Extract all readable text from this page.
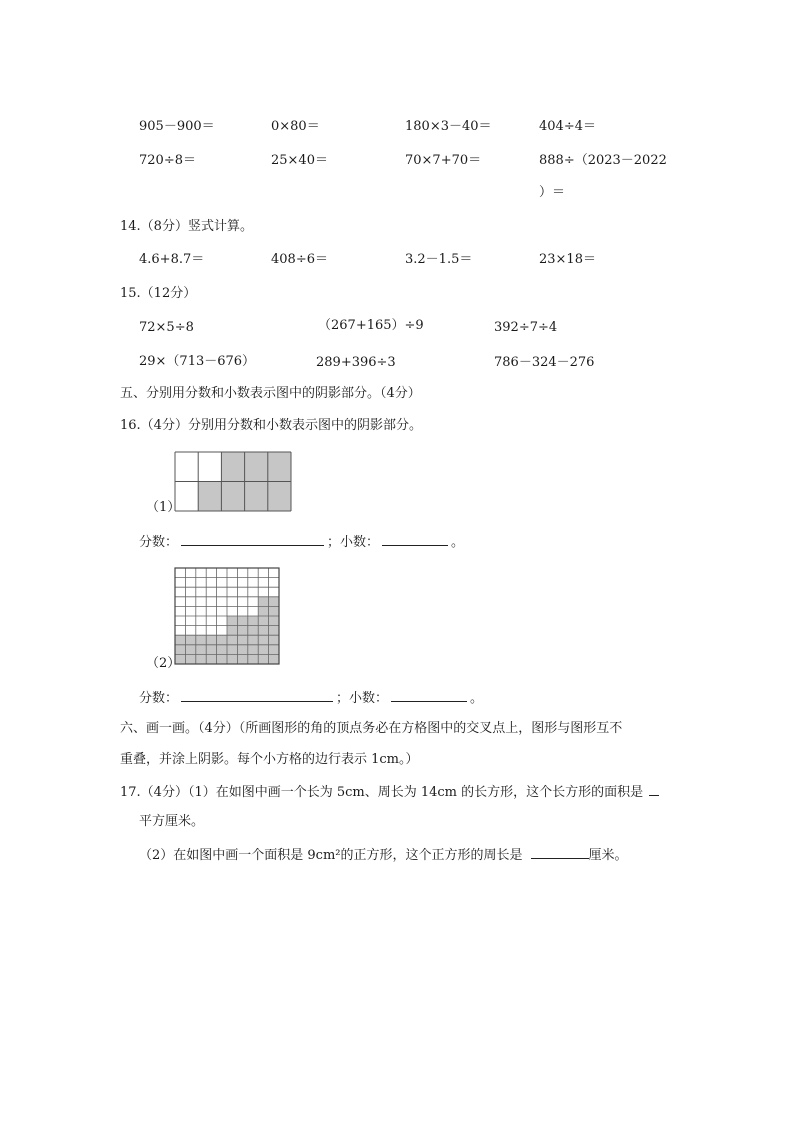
905－900＝	0×80＝	180×3－40＝	404÷4＝
720÷8＝	25×40＝	70×7+70＝	888÷（2023－2022
）＝
14.（8分）竖式计算。
4.6+8.7＝	408÷6＝	3.2－1.5＝	23×18＝
15.（12分）
72×5÷8	（267+165）÷9	392÷7÷4
29×（713－676）	289+396÷3	786－324－276
五、分别用分数和小数表示图中的阴影部分。（4分）
16.（4分）分别用分数和小数表示图中的阴影部分。
（1）
分数：	；小数：	。
（2）
分数：	；小数：	。
六、画一画。（4分）（所画图形的角的顶点务必在方格图中的交叉点上，图形与图形互不
重叠，并涂上阴影。每个小方格的边行表示 1cm。）
17.（4分）（1）在如图中画一个长为 5cm、周长为 14cm 的长方形，这个长方形的面积是
平方厘米。
（2）在如图中画一个面积是 9cm²的正方形，这个正方形的周长是	厘米。
